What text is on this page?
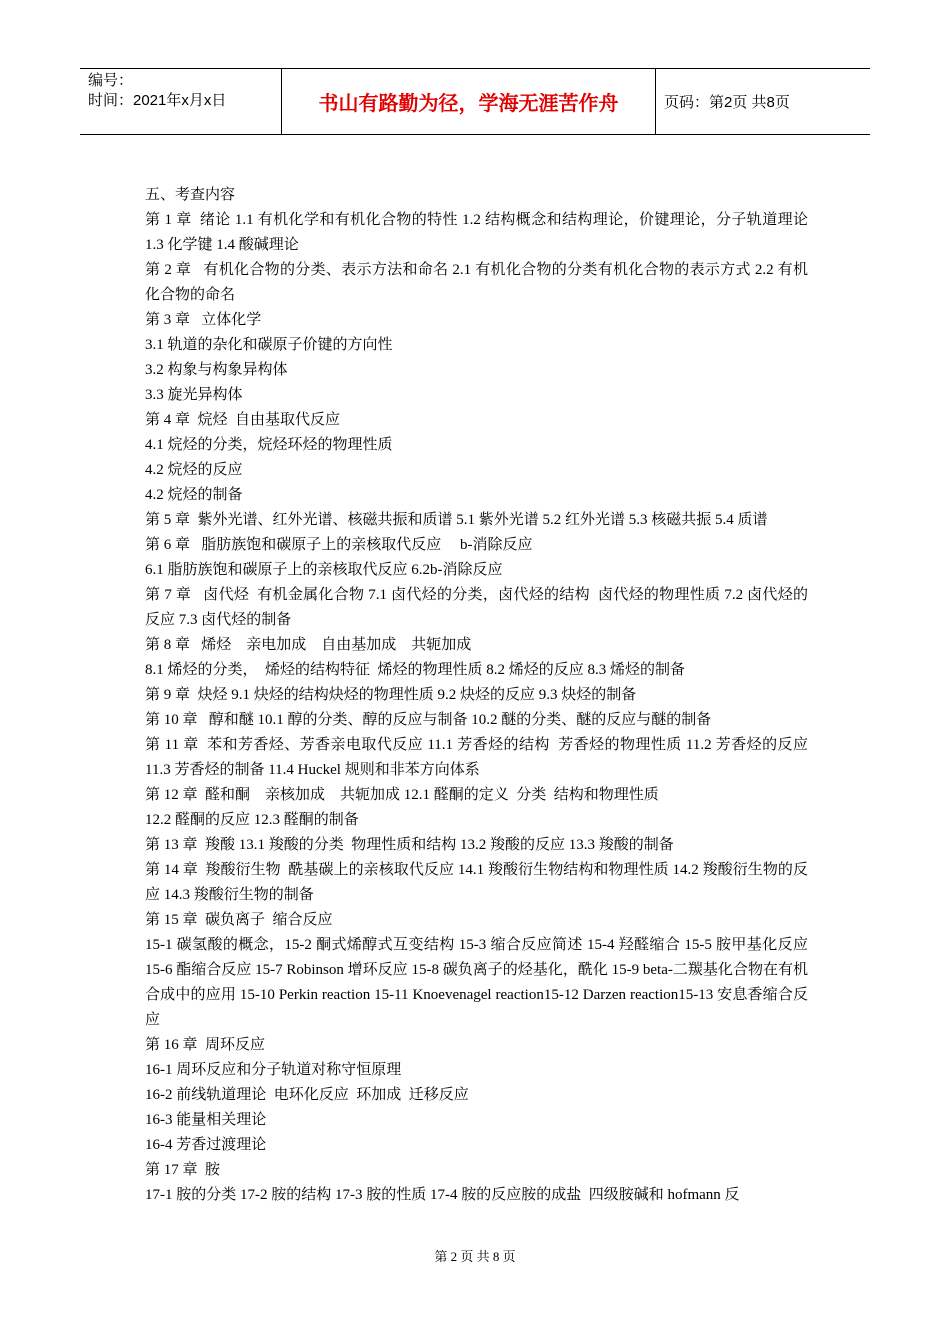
编号：
时间：2021年x月x日	书山有路勤为径，学海无涯苦作舟	页码：第2页 共8页

五、考查内容

第 1 章  绪论 1.1 有机化学和有机化合物的特性 1.2 结构概念和结构理论，价键理论，分子轨道理论 1.3 化学键 1.4 酸碱理论

第 2 章   有机化合物的分类、表示方法和命名 2.1 有机化合物的分类有机化合物的表示方式 2.2 有机化合物的命名

第 3 章   立体化学

3.1 轨道的杂化和碳原子价键的方向性

3.2 构象与构象异构体

3.3 旋光异构体

第 4 章  烷烃  自由基取代反应

4.1 烷烃的分类，烷烃环烃的物理性质

4.2 烷烃的反应

4.2 烷烃的制备

第 5 章  紫外光谱、红外光谱、核磁共振和质谱 5.1 紫外光谱 5.2 红外光谱 5.3 核磁共振 5.4 质谱

第 6 章   脂肪族饱和碳原子上的亲核取代反应     b-消除反应

6.1 脂肪族饱和碳原子上的亲核取代反应 6.2b-消除反应

第 7 章   卤代烃  有机金属化合物 7.1 卤代烃的分类，卤代烃的结构  卤代烃的物理性质 7.2 卤代烃的反应 7.3 卤代烃的制备

第 8 章   烯烃    亲电加成    自由基加成    共轭加成

8.1 烯烃的分类，  烯烃的结构特征  烯烃的物理性质 8.2 烯烃的反应 8.3 烯烃的制备

第 9 章  炔烃 9.1 炔烃的结构炔烃的物理性质 9.2 炔烃的反应 9.3 炔烃的制备

第 10 章   醇和醚 10.1 醇的分类、醇的反应与制备 10.2 醚的分类、醚的反应与醚的制备

第 11 章  苯和芳香烃、芳香亲电取代反应 11.1 芳香烃的结构  芳香烃的物理性质 11.2 芳香烃的反应 11.3 芳香烃的制备 11.4 Huckel 规则和非苯方向体系

第 12 章  醛和酮    亲核加成    共轭加成 12.1 醛酮的定义  分类  结构和物理性质

12.2 醛酮的反应 12.3 醛酮的制备

第 13 章  羧酸 13.1 羧酸的分类  物理性质和结构 13.2 羧酸的反应 13.3 羧酸的制备

第 14 章  羧酸衍生物  酰基碳上的亲核取代反应 14.1 羧酸衍生物结构和物理性质 14.2 羧酸衍生物的反应 14.3 羧酸衍生物的制备

第 15 章  碳负离子  缩合反应

15-1 碳氢酸的概念，15-2 酮式烯醇式互变结构 15-3 缩合反应简述 15-4 羟醛缩合 15-5 胺甲基化反应 15-6 酯缩合反应 15-7 Robinson 增环反应 15-8 碳负离子的烃基化，酰化 15-9 beta-二羰基化合物在有机合成中的应用 15-10 Perkin reaction 15-11 Knoevenagel reaction15-12 Darzen reaction15-13 安息香缩合反应

第 16 章  周环反应

16-1 周环反应和分子轨道对称守恒原理

16-2 前线轨道理论  电环化反应  环加成  迁移反应

16-3 能量相关理论

16-4 芳香过渡理论

第 17 章  胺

17-1 胺的分类 17-2 胺的结构 17-3 胺的性质 17-4 胺的反应胺的成盐  四级胺碱和 hofmann 反

第 2 页 共 8 页
